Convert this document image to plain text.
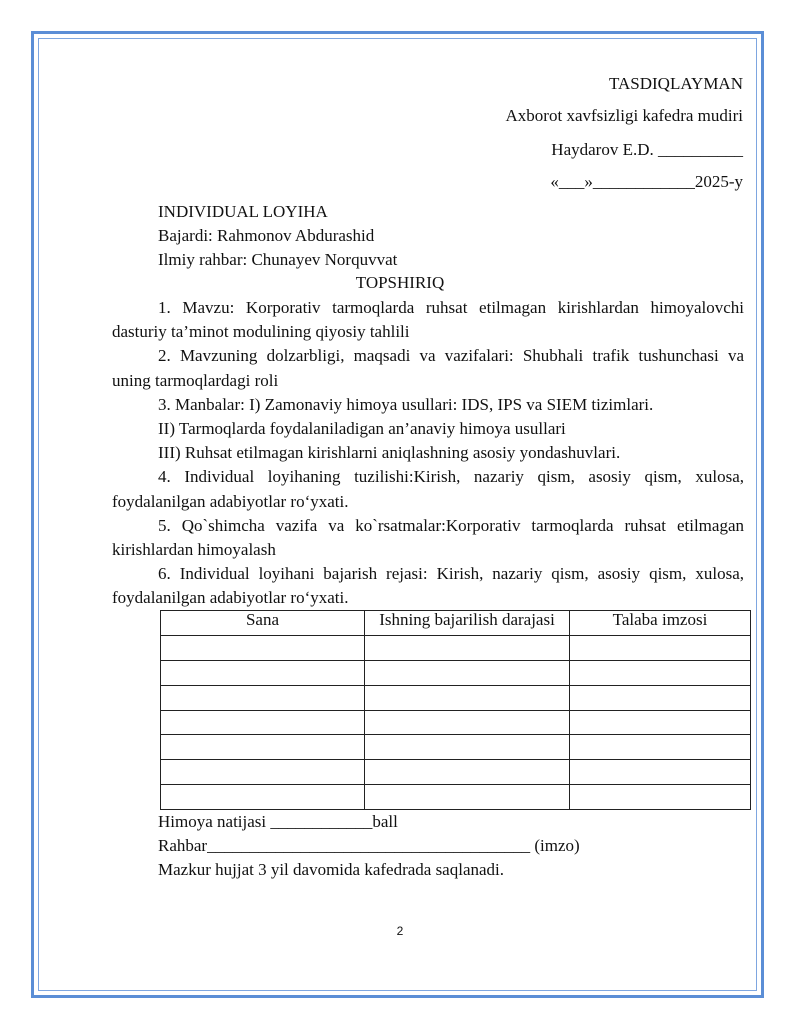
TASDIQLAYMAN
Axborot xavfsizligi kafedra mudiri
Haydarov E.D. __________
«___»____________2025-y
INDIVIDUAL LOYIHA
Bajardi: Rahmonov Abdurashid
Ilmiy rahbar: Chunayev Norquvvat
TOPSHIRIQ
1. Mavzu: Korporativ tarmoqlarda ruhsat etilmagan kirishlardan himoyalovchi
dasturiy ta’minot modulining qiyosiy tahlili
2. Mavzuning dolzarbligi, maqsadi va vazifalari: Shubhali trafik tushunchasi va
uning tarmoqlardagi roli
3. Manbalar: I) Zamonaviy himoya usullari: IDS, IPS va SIEM tizimlari.
II) Tarmoqlarda foydalaniladigan an’anaviy himoya usullari
III) Ruhsat etilmagan kirishlarni aniqlashning asosiy yondashuvlari.
4. Individual loyihaning tuzilishi:Kirish, nazariy qism, asosiy qism, xulosa,
foydalanilgan adabiyotlar ro‘yxati.
5. Qo`shimcha vazifa va ko`rsatmalar:Korporativ tarmoqlarda ruhsat etilmagan
kirishlardan himoyalash
6. Individual loyihani bajarish rejasi: Kirish, nazariy qism, asosiy qism, xulosa,
foydalanilgan adabiyotlar ro‘yxati.
Sana	Ishning bajarilish darajasi	Talaba imzosi

Himoya natijasi ____________ball
Rahbar______________________________________ (imzo)
Mazkur hujjat 3 yil davomida kafedrada saqlanadi.
2
